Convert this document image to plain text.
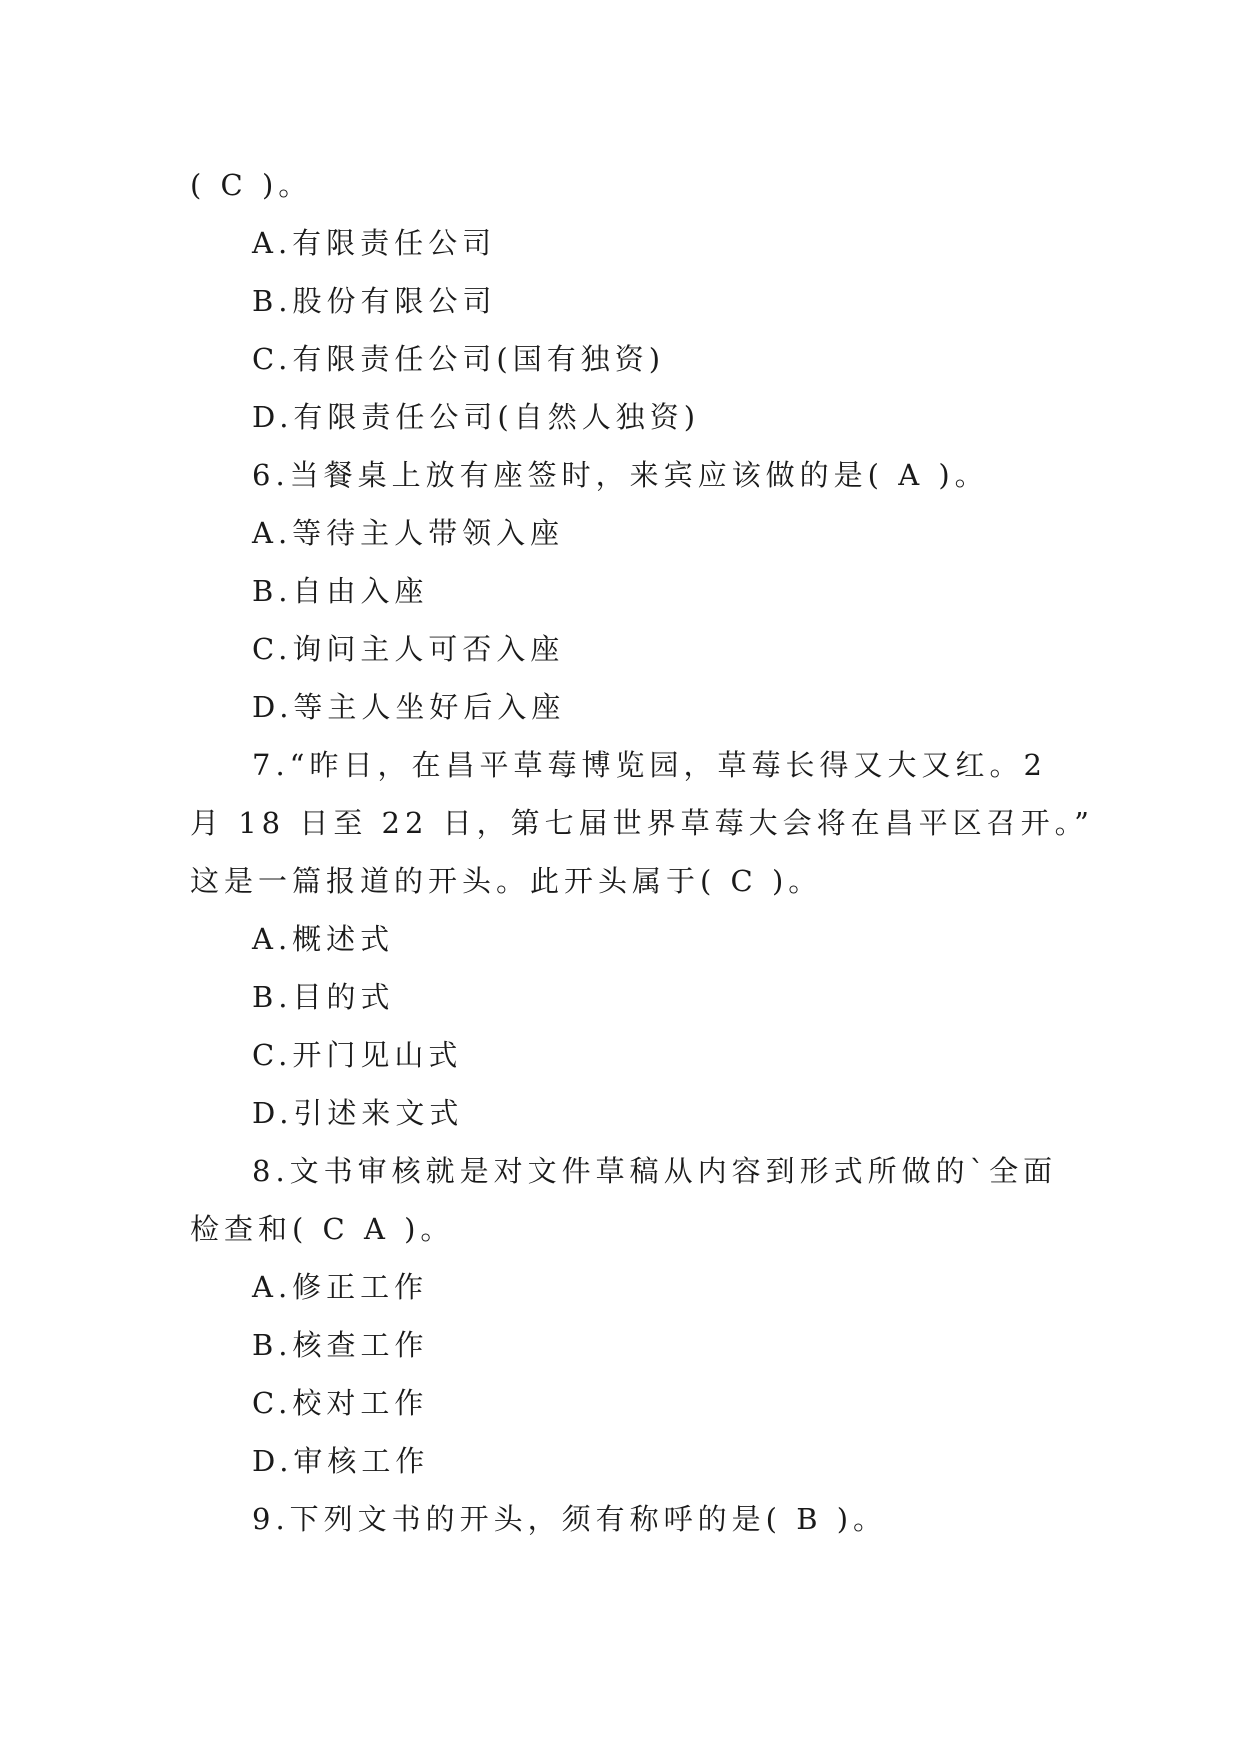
( C )。
A.有限责任公司
B.股份有限公司
C.有限责任公司(国有独资)
D.有限责任公司(自然人独资)
6.当餐桌上放有座签时，来宾应该做的是( A )。
A.等待主人带领入座
B.自由入座
C.询问主人可否入座
D.等主人坐好后入座
7.“昨日，在昌平草莓博览园，草莓长得又大又红。2
月 18 日至 22 日，第七届世界草莓大会将在昌平区召开。”
这是一篇报道的开头。此开头属于( C )。
A.概述式
B.目的式
C.开门见山式
D.引述来文式
8.文书审核就是对文件草稿从内容到形式所做的`全面
检查和( C A )。
A.修正工作
B.核查工作
C.校对工作
D.审核工作
9.下列文书的开头，须有称呼的是( B )。
